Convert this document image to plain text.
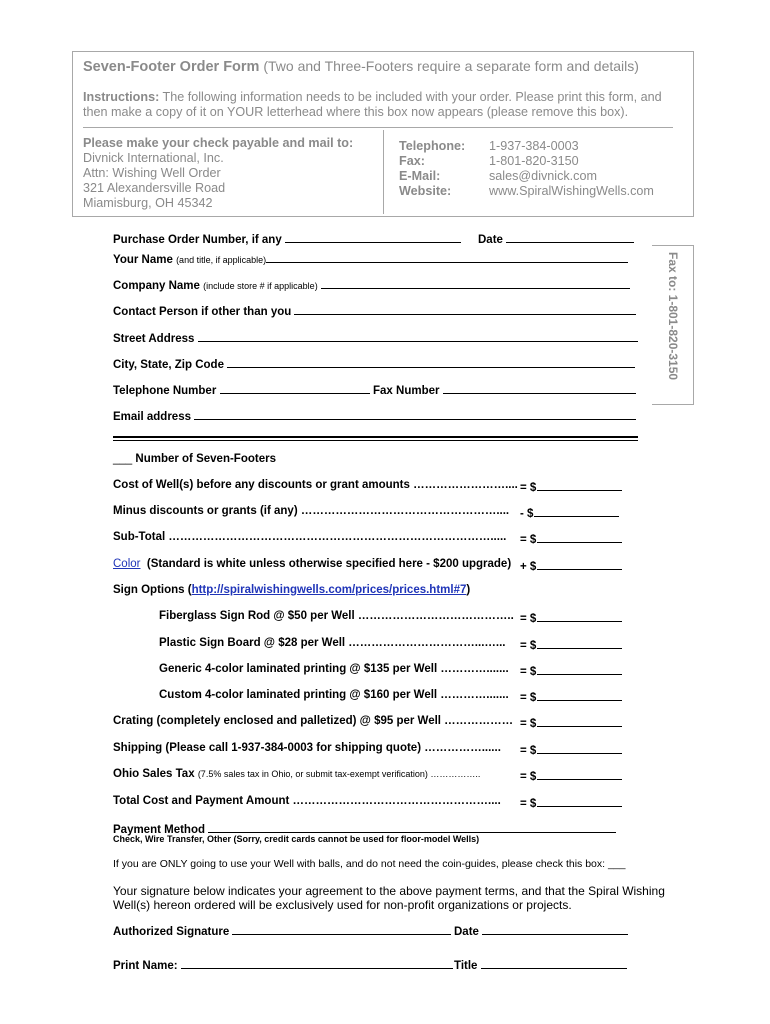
Seven-Footer Order Form (Two and Three-Footers require a separate form and details)
Instructions: The following information needs to be included with your order. Please print this form, and
then make a copy of it on YOUR letterhead where this box now appears (please remove this box).
Please make your check payable and mail to:
Divnick International, Inc.
Attn: Wishing Well Order
321 Alexandersville Road
Miamisburg, OH 45342
Telephone:	1-937-384-0003
Fax:	1-801-820-3150
E-Mail:	sales@divnick.com
Website:	www.SpiralWishingWells.com
Fax to: 1-801-820-3150
Purchase Order Number, if any	Date
Your Name (and title, if applicable)
Company Name (include store # if applicable)
Contact Person if other than you
Street Address
City, State, Zip Code
Telephone Number	Fax Number
Email address
___ Number of Seven-Footers
Cost of Well(s) before any discounts or grant amounts …………………….... = $
Minus discounts or grants (if any) …………………………………………….... - $
Sub-Total …………………………………………………………………………..... = $
Color (Standard is white unless otherwise specified here - $200 upgrade) + $
Sign Options (http://spiralwishingwells.com/prices/prices.html#7)
Fiberglass Sign Rod @ $50 per Well ………………………………….. = $
Plastic Sign Board @ $28 per Well ……………………………...…... = $
Generic 4-color laminated printing @ $135 per Well …………....... = $
Custom 4-color laminated printing @ $160 per Well …………....... = $
Crating (completely enclosed and palletized) @ $95 per Well ……………… = $
Shipping (Please call 1-937-384-0003 for shipping quote) ……………...... = $
Ohio Sales Tax (7.5% sales tax in Ohio, or submit tax-exempt verification) ……………..	= $
Total Cost and Payment Amount …………………………………………….... = $
Payment Method
Check, Wire Transfer, Other (Sorry, credit cards cannot be used for floor-model Wells)
If you are ONLY going to use your Well with balls, and do not need the coin-guides, please check this box: ___
Your signature below indicates your agreement to the above payment terms, and that the Spiral Wishing
Well(s) hereon ordered will be exclusively used for non-profit organizations or projects.
Authorized Signature	Date
Print Name:	Title
